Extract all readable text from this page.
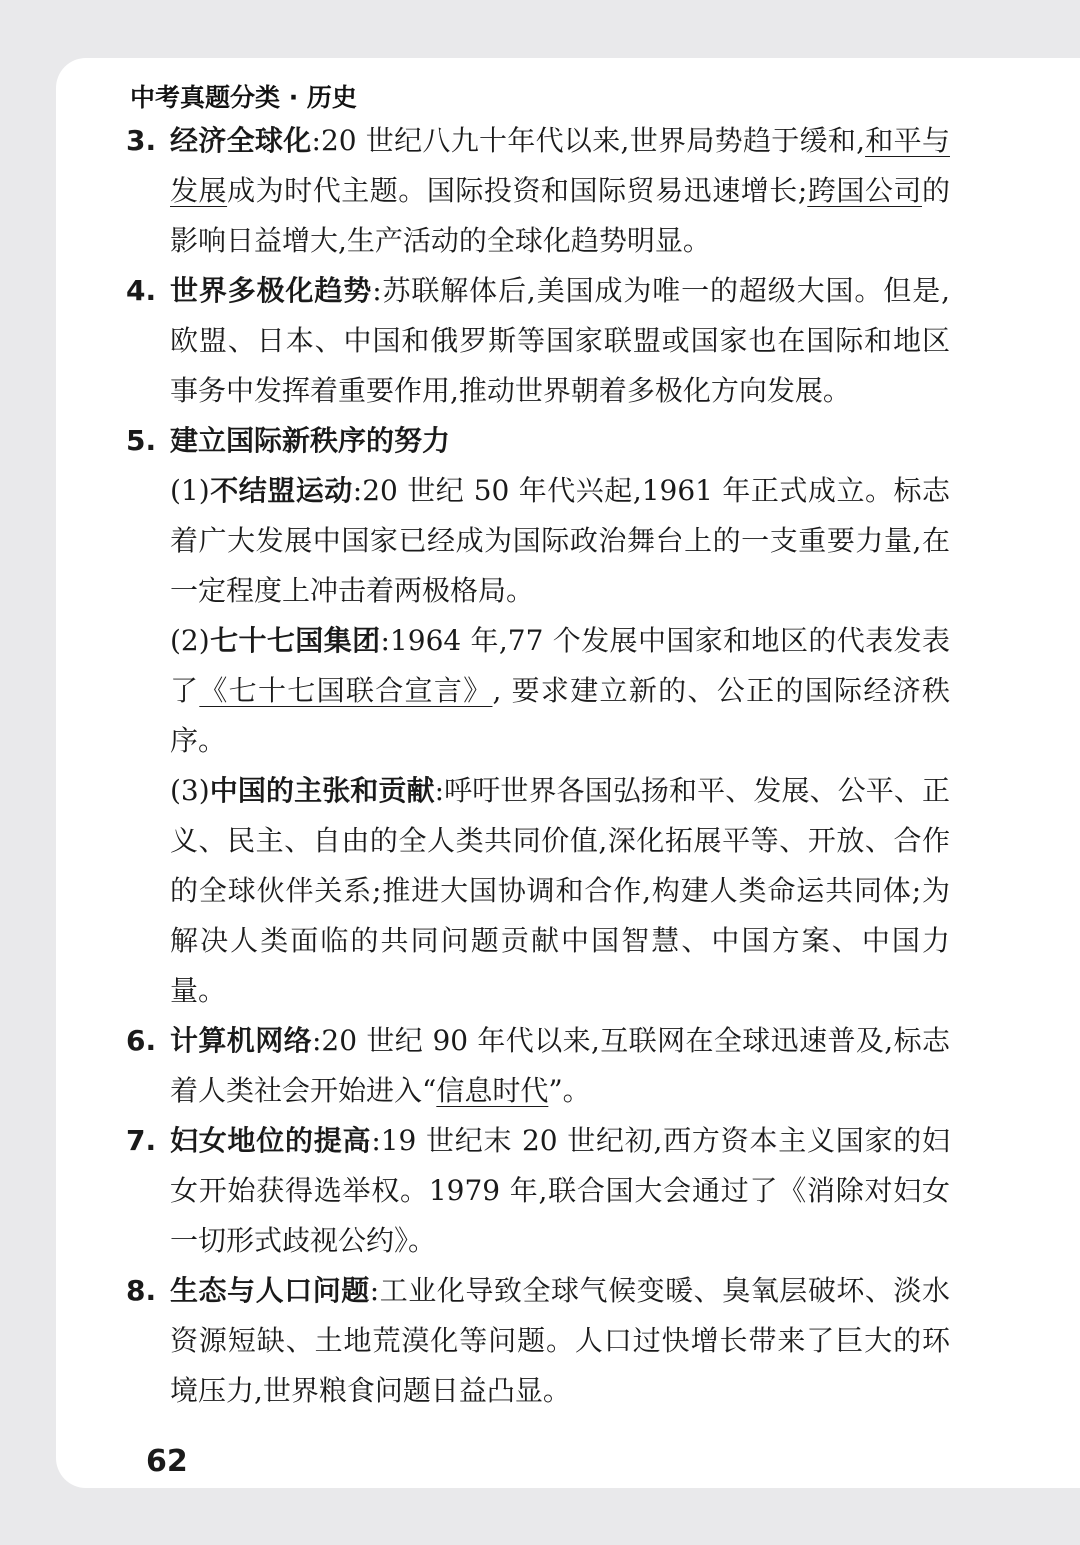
中考真题分类 · 历史
3. 经济全球化:20 世纪八九十年代以来,世界局势趋于缓和,和平与发展成为时代主题。国际投资和国际贸易迅速增长;跨国公司的影响日益增大,生产活动的全球化趋势明显。
4. 世界多极化趋势:苏联解体后,美国成为唯一的超级大国。但是,欧盟、日本、中国和俄罗斯等国家联盟或国家也在国际和地区事务中发挥着重要作用,推动世界朝着多极化方向发展。
5. 建立国际新秩序的努力
(1)不结盟运动:20 世纪 50 年代兴起,1961 年正式成立。标志着广大发展中国家已经成为国际政治舞台上的一支重要力量,在一定程度上冲击着两极格局。
(2)七十七国集团:1964 年,77 个发展中国家和地区的代表发表了《七十七国联合宣言》, 要求建立新的、公正的国际经济秩序。
(3)中国的主张和贡献:呼吁世界各国弘扬和平、发展、公平、正义、民主、自由的全人类共同价值,深化拓展平等、开放、合作的全球伙伴关系;推进大国协调和合作,构建人类命运共同体;为解决人类面临的共同问题贡献中国智慧、中国方案、中国力量。
6. 计算机网络:20 世纪 90 年代以来,互联网在全球迅速普及,标志着人类社会开始进入“信息时代”。
7. 妇女地位的提高:19 世纪末 20 世纪初,西方资本主义国家的妇女开始获得选举权。1979 年,联合国大会通过了《消除对妇女一切形式歧视公约》。
8. 生态与人口问题:工业化导致全球气候变暖、臭氧层破坏、淡水资源短缺、土地荒漠化等问题。人口过快增长带来了巨大的环境压力,世界粮食问题日益凸显。
62
